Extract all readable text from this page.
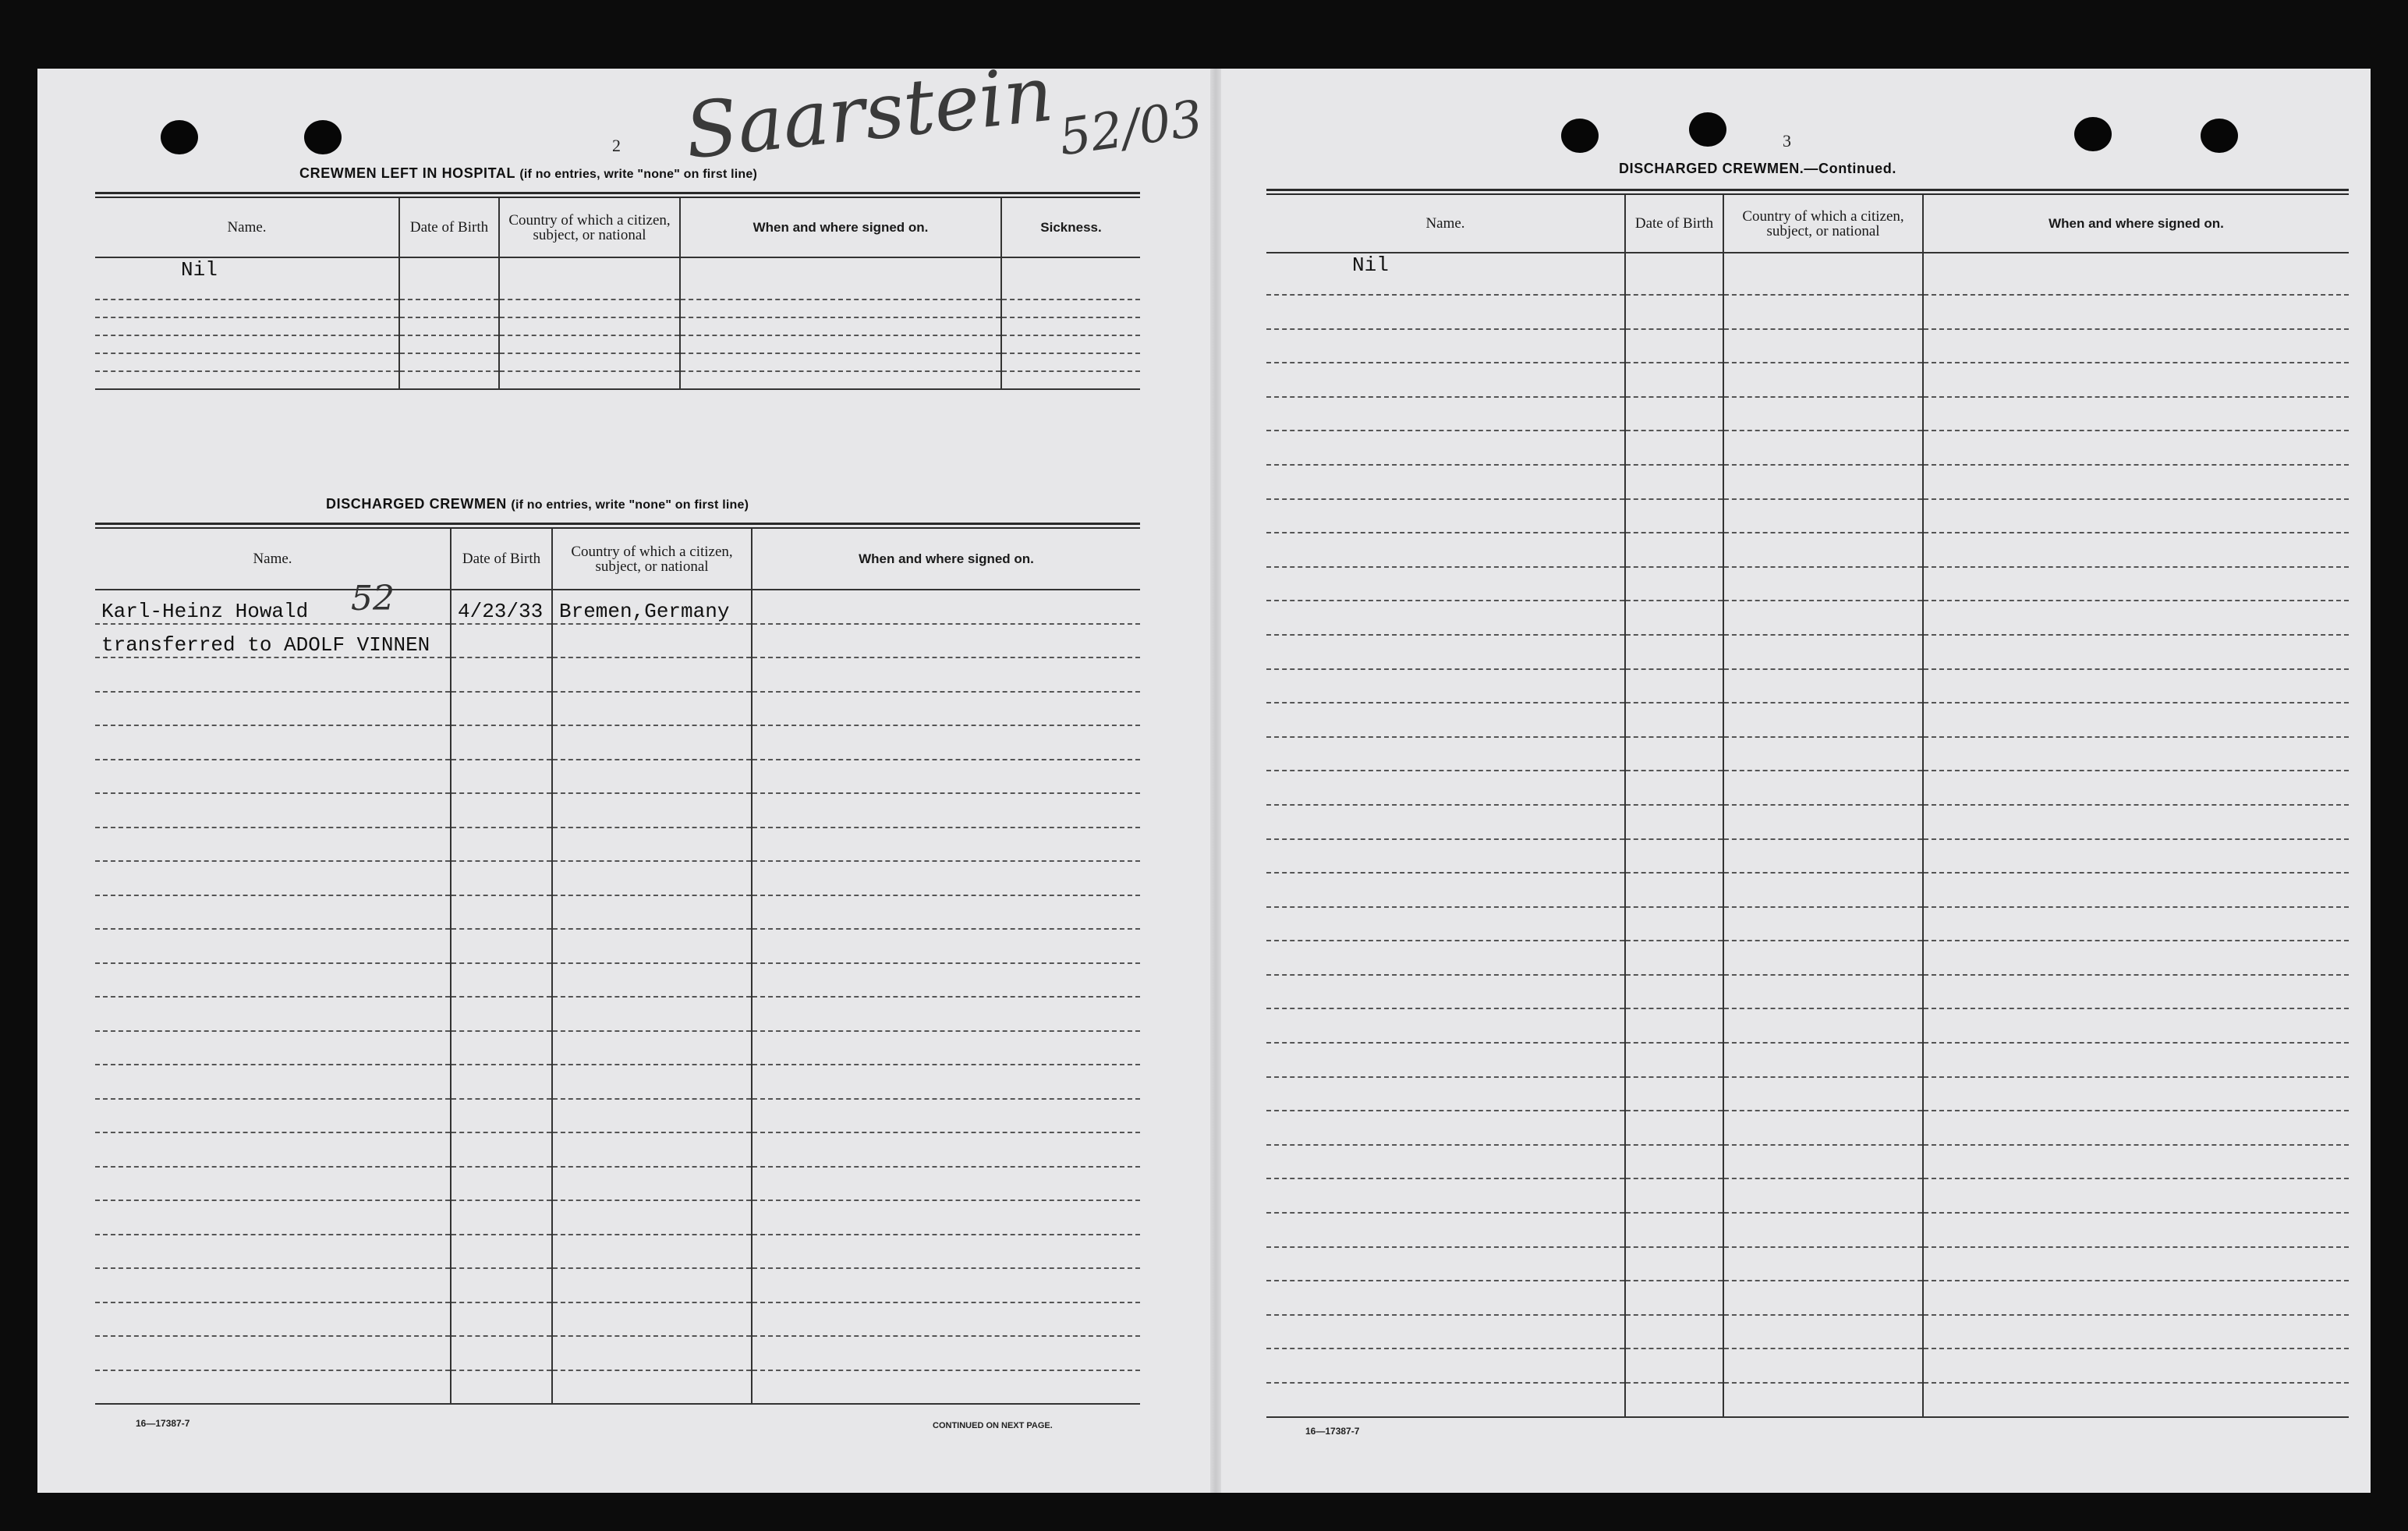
Saarstein
52/03
2
CREWMEN LEFT IN HOSPITAL (if no entries, write "none" on first line)
Name.	Date of Birth	Country of which a citizen, subject, or national	When and where signed on.	Sickness.
Nil				

DISCHARGED CREWMEN (if no entries, write "none" on first line)
Name.	Date of Birth	Country of which a citizen, subject, or national	When and where signed on.
Karl-Heinz Howald	4/23/33	Bremen,Germany	
transferred to ADOLF VINNEN			

52
16—17387-7	CONTINUED ON NEXT PAGE.
3
DISCHARGED CREWMEN.—Continued.
Name.	Date of Birth	Country of which a citizen, subject, or national	When and where signed on.
Nil			

16—17387-7
